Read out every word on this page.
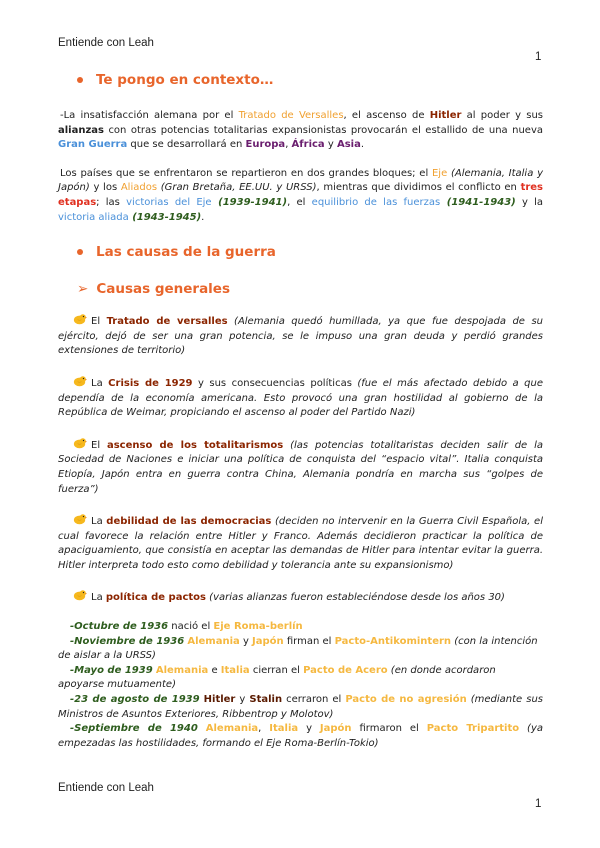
Entiende con Leah
1
Te pongo en contexto…

-La insatisfacción alemana por el Tratado de Versalles, el ascenso de Hitler al poder y sus alianzas con otras potencias totalitarias expansionistas provocarán el estallido de una nueva Gran Guerra que se desarrollará en Europa, África y Asia.

Los países que se enfrentaron se repartieron en dos grandes bloques; el Eje (Alemania, Italia y Japón) y los Aliados (Gran Bretaña, EE.UU. y URSS), mientras que dividimos el conflicto en tres etapas; las victorias del Eje (1939-1941), el equilibrio de las fuerzas (1941-1943) y la victoria aliada (1943-1945).

Las causas de la guerra
➢ Causas generales

El Tratado de versalles (Alemania quedó humillada, ya que fue despojada de su ejército, dejó de ser una gran potencia, se le impuso una gran deuda y perdió grandes extensiones de territorio)

La Crisis de 1929 y sus consecuencias políticas (fue el más afectado debido a que dependía de la economía americana. Esto provocó una gran hostilidad al gobierno de la República de Weimar, propiciando el ascenso al poder del Partido Nazi)

El ascenso de los totalitarismos (las potencias totalitaristas deciden salir de la Sociedad de Naciones e iniciar una política de conquista del “espacio vital”. Italia conquista Etiopía, Japón entra en guerra contra China, Alemania pondría en marcha sus “golpes de fuerza”)

La debilidad de las democracias (deciden no intervenir en la Guerra Civil Española, el cual favorece la relación entre Hitler y Franco. Además decidieron practicar la política de apaciguamiento, que consistía en aceptar las demandas de Hitler para intentar evitar la guerra. Hitler interpreta todo esto como debilidad y tolerancia ante su expansionismo)

La política de pactos (varias alianzas fueron estableciéndose desde los años 30)

-Octubre de 1936 nació el Eje Roma-berlín

-Noviembre de 1936 Alemania y Japón firman el Pacto-Antikomintern (con la intención de aislar a la URSS)

-Mayo de 1939 Alemania e Italia cierran el Pacto de Acero (en donde acordaron apoyarse mutuamente)

-23 de agosto de 1939 Hitler y Stalin cerraron el Pacto de no agresión (mediante sus Ministros de Asuntos Exteriores, Ribbentrop y Molotov)

-Septiembre de 1940 Alemania, Italia y Japón firmaron el Pacto Tripartito (ya empezadas las hostilidades, formando el Eje Roma-Berlín-Tokio)

Entiende con Leah
1
